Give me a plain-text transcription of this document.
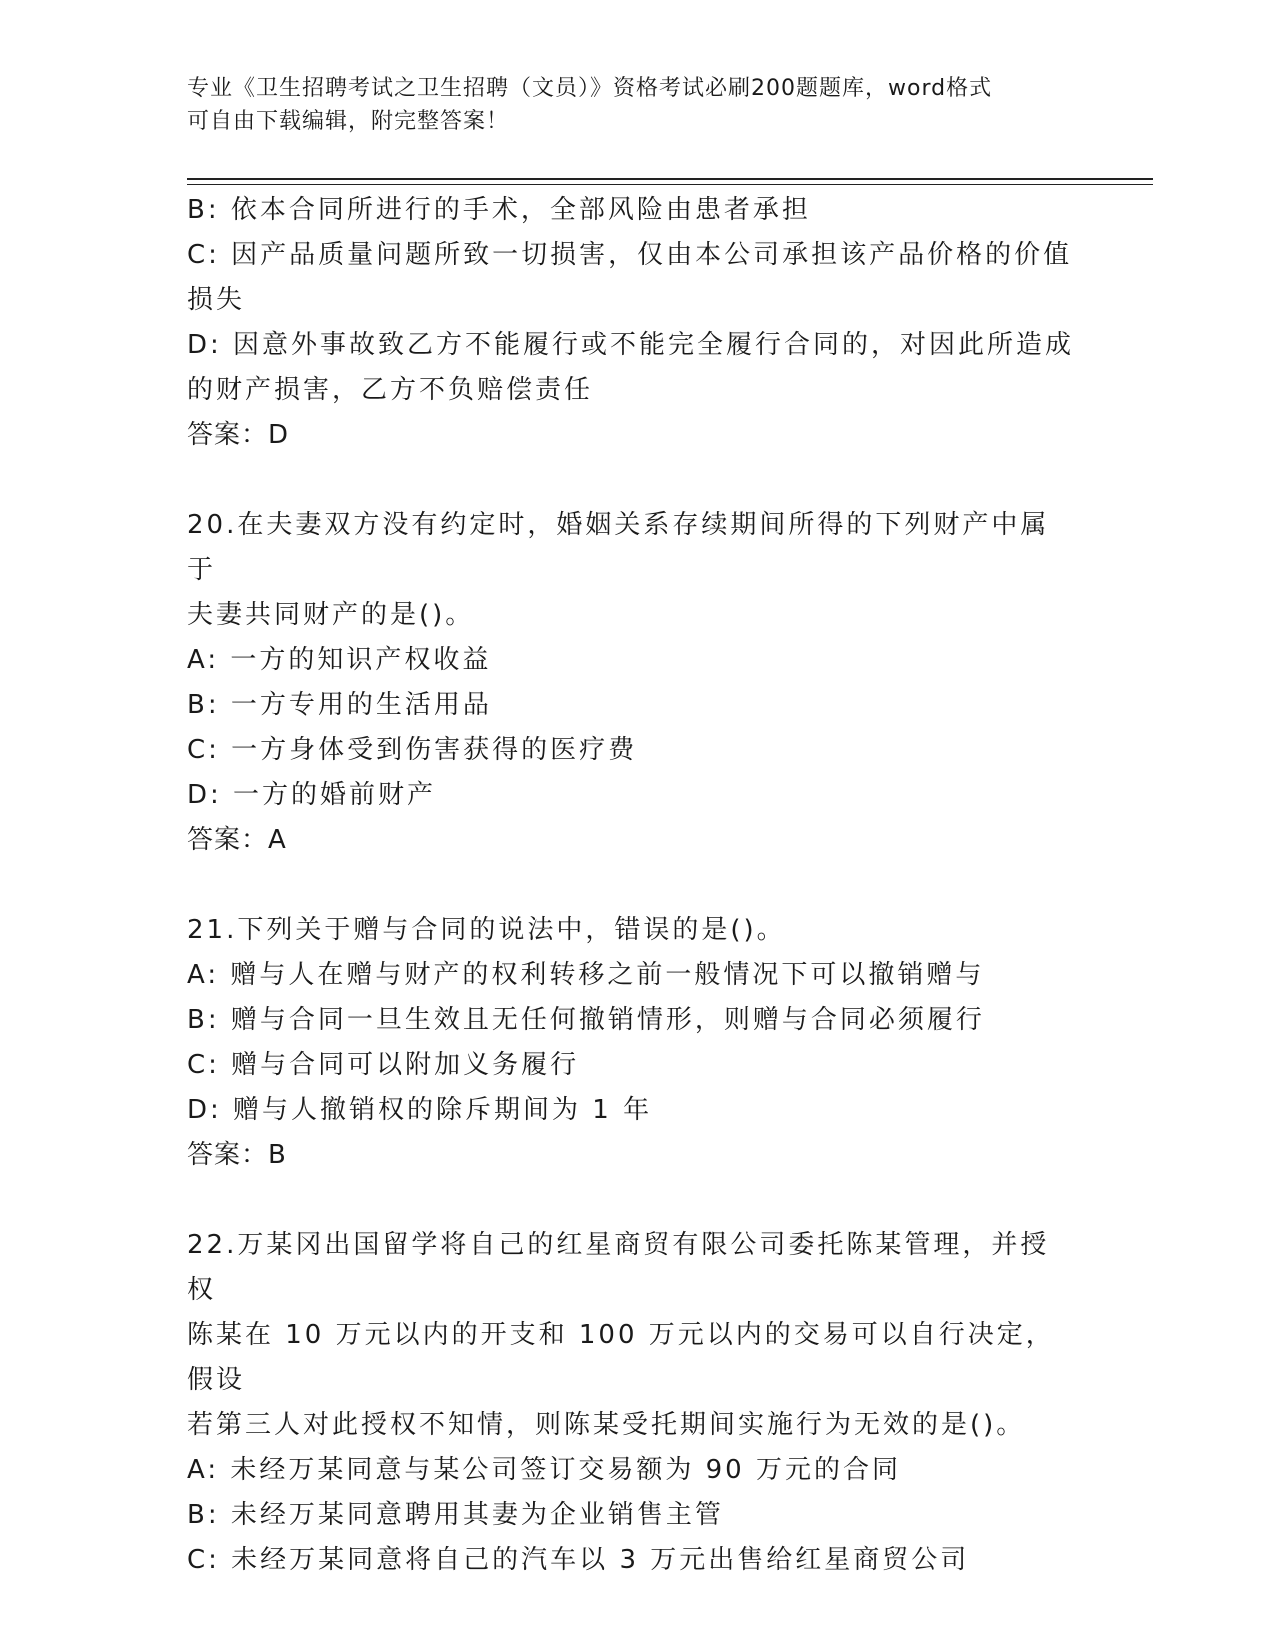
专业《卫生招聘考试之卫生招聘（文员）》资格考试必刷200题题库，word格式
可自由下载编辑，附完整答案！
B: 依本合同所进行的手术，全部风险由患者承担
C: 因产品质量问题所致一切损害，仅由本公司承担该产品价格的价值
损失
D: 因意外事故致乙方不能履行或不能完全履行合同的，对因此所造成
的财产损害，乙方不负赔偿责任
答案：D
20.在夫妻双方没有约定时，婚姻关系存续期间所得的下列财产中属于
夫妻共同财产的是()。
A: 一方的知识产权收益
B: 一方专用的生活用品
C: 一方身体受到伤害获得的医疗费
D: 一方的婚前财产
答案：A
21.下列关于赠与合同的说法中，错误的是()。
A: 赠与人在赠与财产的权利转移之前一般情况下可以撤销赠与
B: 赠与合同一旦生效且无任何撤销情形，则赠与合同必须履行
C: 赠与合同可以附加义务履行
D: 赠与人撤销权的除斥期间为 1 年
答案：B
22.万某冈出国留学将自己的红星商贸有限公司委托陈某管理，并授权
陈某在 10 万元以内的开支和 100 万元以内的交易可以自行决定，假设
若第三人对此授权不知情，则陈某受托期间实施行为无效的是()。
A: 未经万某同意与某公司签订交易额为 90 万元的合同
B: 未经万某同意聘用其妻为企业销售主管
C: 未经万某同意将自己的汽车以 3 万元出售给红星商贸公司
